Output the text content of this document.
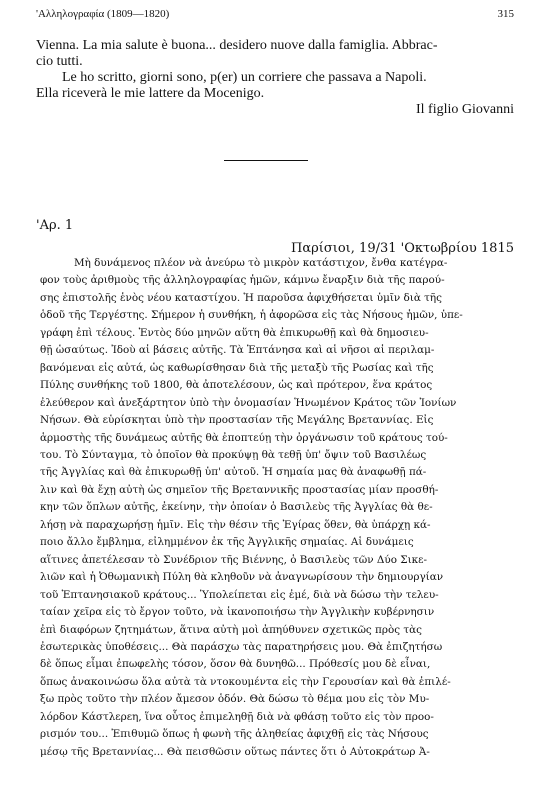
'Αλληλογραφία (1809—1820)	315

Vienna. La mia salute è buona... desidero nuove dalla famiglia. Abbrac-

cio tutti.

Le ho scritto, giorni sono, p(er) un corriere che passava a Napoli.

Ella riceverà le mie lattere da Mocenigo.

Il figlio Giovanni
'Αρ. 1
Παρίσιοι, 19/31 'Οκτωβρίου 1815
Μὴ δυνάμενος πλέον νὰ ἀνεύρω τὸ μικρὸν κατάστιχον, ἔνθα κατέγρα-
φον τοὺς ἀριθμοὺς τῆς ἀλληλογραφίας ἡμῶν, κάμνω ἔναρξιν διὰ τῆς παρού-
σης ἐπιστολῆς ἑνὸς νέου καταστίχου. Ἡ παροῦσα ἀφιχθήσεται ὑμῖν διὰ τῆς
ὁδοῦ τῆς Τεργέστης. Σήμερον ἡ συνθήκη, ἡ ἀφορῶσα εἰς τὰς Νήσους ἡμῶν, ὑπε-
γράφη ἐπὶ τέλους. Ἐντὸς δύο μηνῶν αὕτη θὰ ἐπικυρωθῇ καὶ θὰ δημοσιευ-
θῇ ὡσαύτως. Ἰδοὺ αἱ βάσεις αὐτῆς. Τὰ Ἑπτάνησα καὶ αἱ νῆσοι αἱ περιλαμ-
βανόμεναι εἰς αὐτά, ὡς καθωρίσθησαν διὰ τῆς μεταξὺ τῆς Ρωσίας καὶ τῆς
Πύλης συνθήκης τοῦ 1800, θὰ ἀποτελέσουν, ὡς καὶ πρότερον, ἕνα κράτος
ἐλεύθερον καὶ ἀνεξάρτητον ὑπὸ τὴν ὀνομασίαν Ἡνωμένον Κράτος τῶν Ἰονίων
Νήσων. Θὰ εὑρίσκηται ὑπὸ τὴν προστασίαν τῆς Μεγάλης Βρεταννίας. Εἰς
ἁρμοστὴς τῆς δυνάμεως αὐτῆς θὰ ἐποπτεύῃ τὴν ὀργάνωσιν τοῦ κράτους τού-
του. Τὸ Σύνταγμα, τὸ ὁποῖον θὰ προκύψῃ θὰ τεθῇ ὑπ' ὄψιν τοῦ Βασιλέως
τῆς Ἀγγλίας καὶ θὰ ἐπικυρωθῇ ὑπ' αὐτοῦ. Ἡ σημαία μας θὰ ἀναφωθῇ πά-
λιν καὶ θὰ ἔχῃ αὐτὴ ὡς σημεῖον τῆς Βρεταννικῆς προστασίας μίαν προσθή-
κην τῶν ὅπλων αὐτῆς, ἐκείνην, τὴν ὁποίαν ὁ Βασιλεὺς τῆς Ἀγγλίας θὰ θε-
λήσῃ νὰ παραχωρήσῃ ἡμῖν. Εἰς τὴν θέσιν τῆς Ἐγίρας ὅθεν, θὰ ὑπάρχῃ κά-
ποιο ἄλλο ἔμβλημα, εἰλημμένον ἐκ τῆς Ἀγγλικῆς σημαίας. Αἱ δυνάμεις
αἵτινες ἀπετέλεσαν τὸ Συνέδριον τῆς Βιέννης, ὁ Βασιλεὺς τῶν Δύο Σικε-
λιῶν καὶ ἡ Ὀθωμανικὴ Πύλη θὰ κληθοῦν νὰ ἀναγνωρίσουν τὴν δημιουργίαν
τοῦ Ἑπτανησιακοῦ κράτους... Ὑπολείπεται εἰς ἐμέ, διὰ νὰ δώσω τὴν τελευ-
ταίαν χεῖρα εἰς τὸ ἔργον τοῦτο, νὰ ἱκανοποιήσω τὴν Ἀγγλικὴν κυβέρνησιν
ἐπὶ διαφόρων ζητημάτων, ἅτινα αὐτὴ μοὶ ἀπηύθυνεν σχετικῶς πρὸς τὰς
ἐσωτερικὰς ὑποθέσεις... Θὰ παράσχω τὰς παρατηρήσεις μου. Θὰ ἐπιζητήσω
δὲ ὅπως εἶμαι ἐπωφελὴς τόσον, ὅσον θὰ δυνηθῶ... Πρόθεσίς μου δὲ εἶναι,
ὅπως ἀνακοινώσω ὅλα αὐτὰ τὰ ντοκουμέντα εἰς τὴν Γερουσίαν καὶ θὰ ἐπιλέ-
ξω πρὸς τοῦτο τὴν πλέον ἄμεσον ὁδόν. Θὰ δώσω τὸ θέμα μου εἰς τὸν Μυ-
λόρδον Κάστλερεη, ἵνα οὗτος ἐπιμεληθῇ διὰ νὰ φθάσῃ τοῦτο εἰς τὸν προο-
ρισμόν του... Ἐπιθυμῶ ὅπως ἡ φωνὴ τῆς ἀληθείας ἀφιχθῇ εἰς τὰς Νήσους
μέσῳ τῆς Βρεταννίας... Θὰ πεισθῶσιν οὕτως πάντες ὅτι ὁ Αὐτοκράτωρ Ἀ-
